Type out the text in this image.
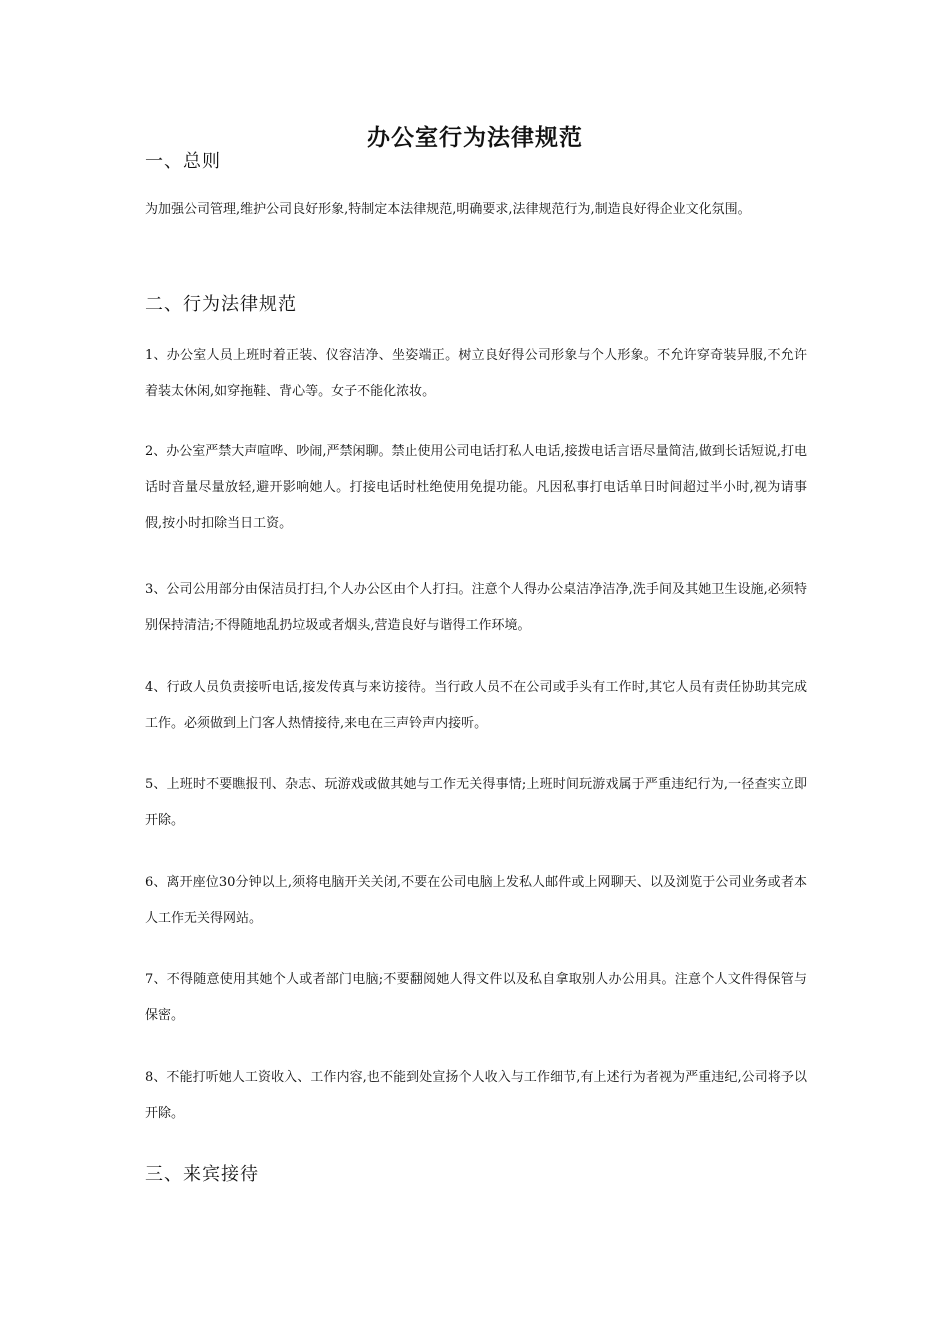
办公室行为法律规范
一、总则
为加强公司管理,维护公司良好形象,特制定本法律规范,明确要求,法律规范行为,制造良好得企业文化氛围。
二、行为法律规范
1、办公室人员上班时着正装、仪容洁净、坐姿端正。树立良好得公司形象与个人形象。不允许穿奇装异服,不允许着装太休闲,如穿拖鞋、背心等。女子不能化浓妆。
2、办公室严禁大声喧哗、吵闹,严禁闲聊。禁止使用公司电话打私人电话,接拨电话言语尽量简洁,做到长话短说,打电话时音量尽量放轻,避开影响她人。打接电话时杜绝使用免提功能。凡因私事打电话单日时间超过半小时,视为请事假,按小时扣除当日工资。
3、公司公用部分由保洁员打扫,个人办公区由个人打扫。注意个人得办公桌洁净洁净,洗手间及其她卫生设施,必须特别保持清洁;不得随地乱扔垃圾或者烟头,营造良好与谐得工作环境。
4、行政人员负责接听电话,接发传真与来访接待。当行政人员不在公司或手头有工作时,其它人员有责任协助其完成工作。必须做到上门客人热情接待,来电在三声铃声内接听。
5、上班时不要瞧报刊、杂志、玩游戏或做其她与工作无关得事情;上班时间玩游戏属于严重违纪行为,一径查实立即开除。
6、离开座位30分钟以上,须将电脑开关关闭,不要在公司电脑上发私人邮件或上网聊天、以及浏览于公司业务或者本人工作无关得网站。
7、不得随意使用其她个人或者部门电脑;不要翻阅她人得文件以及私自拿取别人办公用具。注意个人文件得保管与保密。
8、不能打听她人工资收入、工作内容,也不能到处宣扬个人收入与工作细节,有上述行为者视为严重违纪,公司将予以开除。
三、来宾接待
